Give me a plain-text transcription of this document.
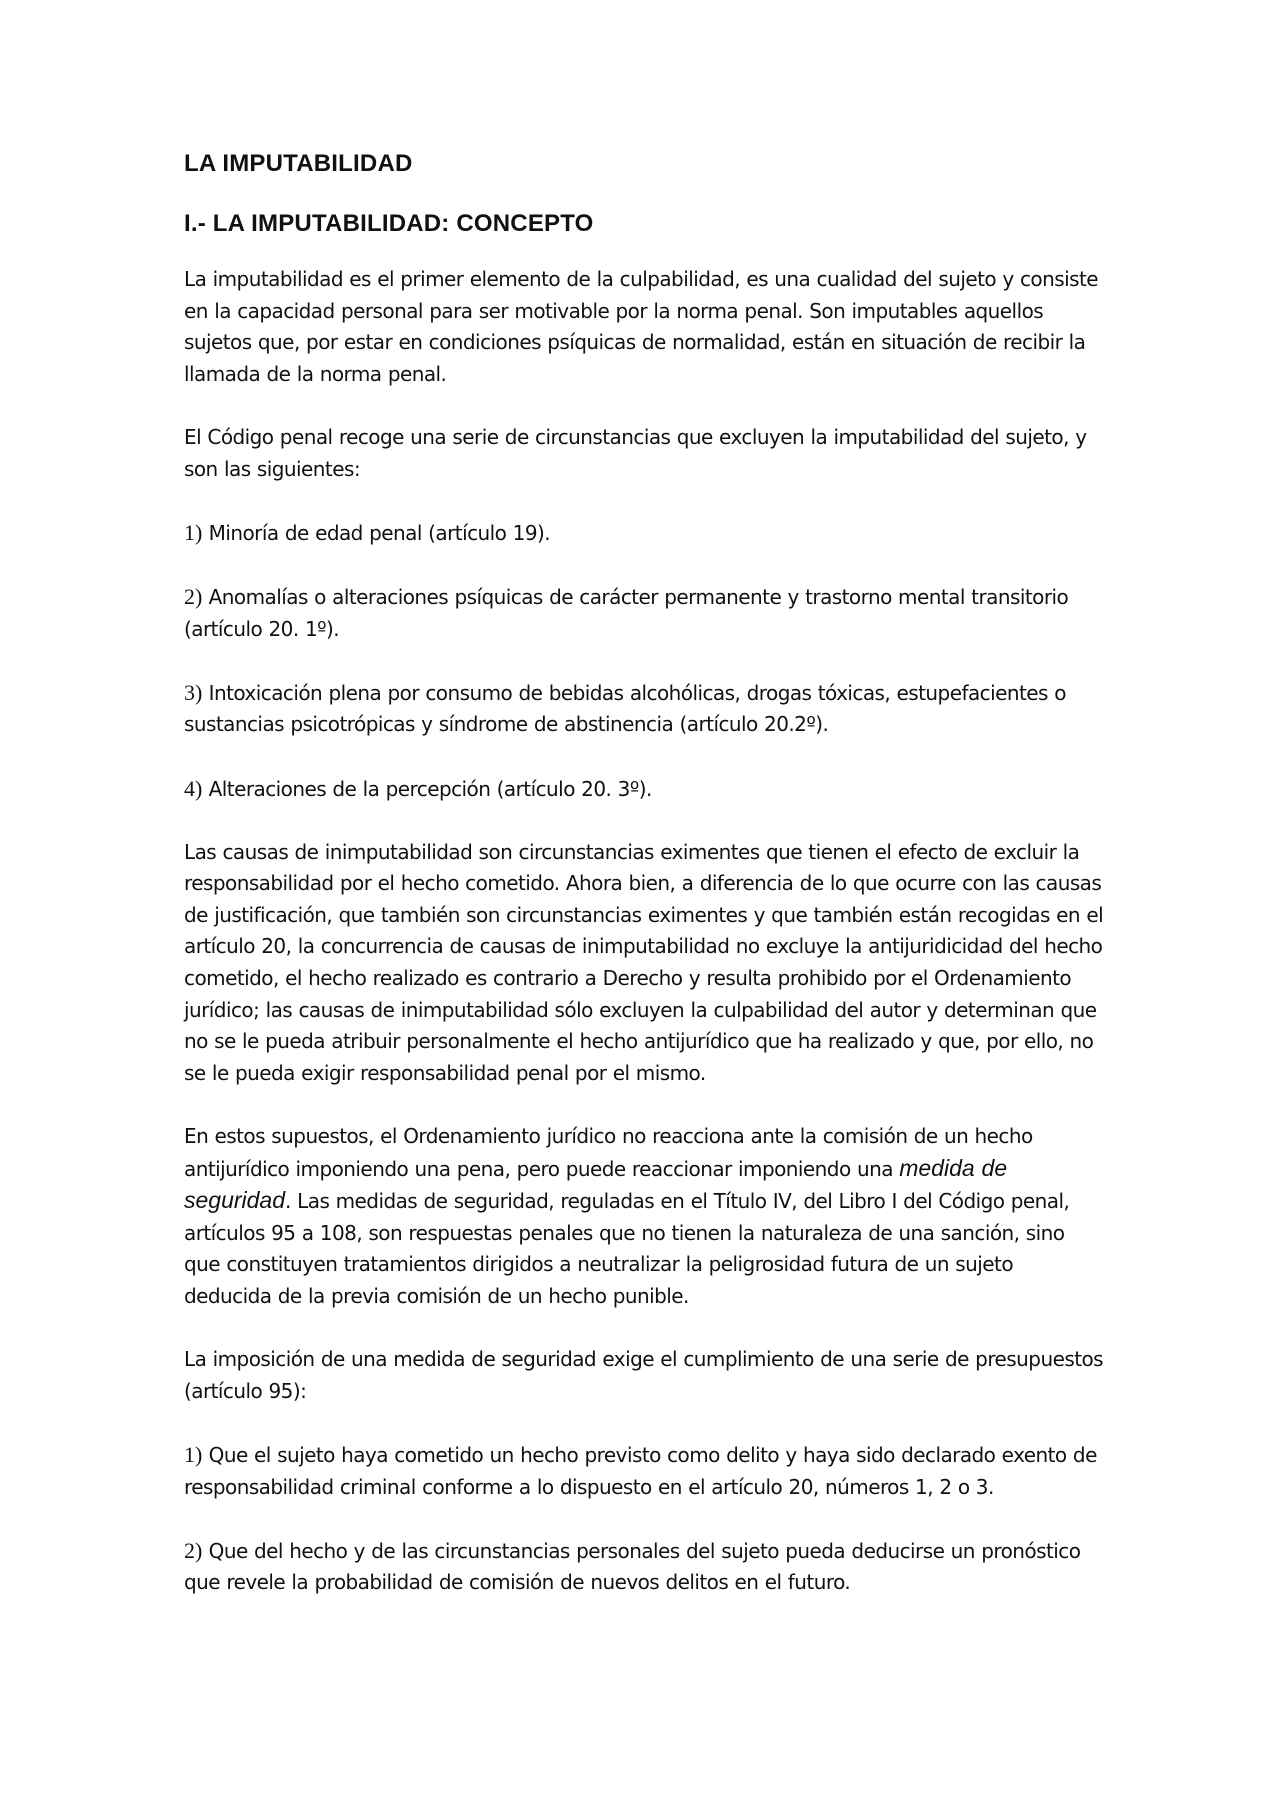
LA IMPUTABILIDAD
I.- LA IMPUTABILIDAD: CONCEPTO

La imputabilidad es el primer elemento de la culpabilidad, es una cualidad del sujeto y consiste en la capacidad personal para ser motivable por la norma penal. Son imputables aquellos sujetos que, por estar en condiciones psíquicas de normalidad, están en situación de recibir la llamada de la norma penal.

El Código penal recoge una serie de circunstancias que excluyen la imputabilidad del sujeto, y son las siguientes:

1) Minoría de edad penal (artículo 19).

2) Anomalías o alteraciones psíquicas de carácter permanente y trastorno mental transitorio (artículo 20. 1º).

3) Intoxicación plena por consumo de bebidas alcohólicas, drogas tóxicas, estupefacientes o sustancias psicotrópicas y síndrome de abstinencia (artículo 20.2º).

4) Alteraciones de la percepción (artículo 20. 3º).

Las causas de inimputabilidad son circunstancias eximentes que tienen el efecto de excluir la responsabilidad por el hecho cometido. Ahora bien, a diferencia de lo que ocurre con las causas de justificación, que también son circunstancias eximentes y que también están recogidas en el artículo 20, la concurrencia de causas de inimputabilidad no excluye la antijuridicidad del hecho cometido, el hecho realizado es contrario a Derecho y resulta prohibido por el Ordenamiento jurídico; las causas de inimputabilidad sólo excluyen la culpabilidad del autor y determinan que no se le pueda atribuir personalmente el hecho antijurídico que ha realizado y que, por ello, no se le pueda exigir responsabilidad penal por el mismo.

En estos supuestos, el Ordenamiento jurídico no reacciona ante la comisión de un hecho antijurídico imponiendo una pena, pero puede reaccionar imponiendo una medida de seguridad. Las medidas de seguridad, reguladas en el Título IV, del Libro I del Código penal, artículos 95 a 108, son respuestas penales que no tienen la naturaleza de una sanción, sino que constituyen tratamientos dirigidos a neutralizar la peligrosidad futura de un sujeto deducida de la previa comisión de un hecho punible.

La imposición de una medida de seguridad exige el cumplimiento de una serie de presupuestos (artículo 95):

1) Que el sujeto haya cometido un hecho previsto como delito y haya sido declarado exento de responsabilidad criminal conforme a lo dispuesto en el artículo 20, números 1, 2 o 3.

2) Que del hecho y de las circunstancias personales del sujeto pueda deducirse un pronóstico que revele la probabilidad de comisión de nuevos delitos en el futuro.
